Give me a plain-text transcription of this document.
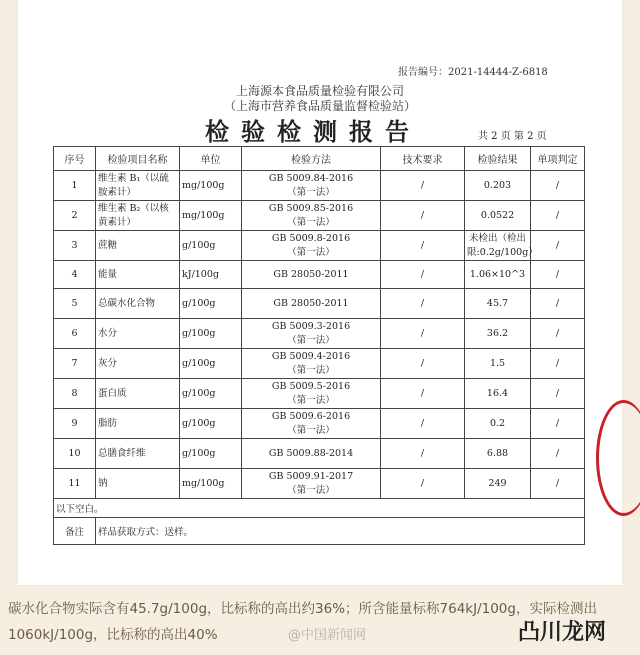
报告编号：2021-14444-Z-6818
上海源本食品质量检验有限公司
（上海市营养食品质量监督检验站）
检验检测报告	共 2 页 第 2 页
序号	检验项目名称	单位	检验方法	技术要求	检验结果	单项判定
1	维生素 B₁（以硫胺素计）	mg/100g	GB 5009.84-2016
（第一法）	/	0.203	/
2	维生素 B₂（以核黄素计）	mg/100g	GB 5009.85-2016
（第一法）	/	0.0522	/
3	蔗糖	g/100g	GB 5009.8-2016
（第一法）	/	未检出（检出限:0.2g/100g）	/
4	能量	kJ/100g	GB 28050-2011	/	1.06×10^3	/
5	总碳水化合物	g/100g	GB 28050-2011	/	45.7	/
6	水分	g/100g	GB 5009.3-2016
（第一法）	/	36.2	/
7	灰分	g/100g	GB 5009.4-2016
（第一法）	/	1.5	/
8	蛋白质	g/100g	GB 5009.5-2016
（第一法）	/	16.4	/
9	脂肪	g/100g	GB 5009.6-2016
（第一法）	/	0.2	/
10	总膳食纤维	g/100g	GB 5009.88-2014	/	6.88	/
11	钠	mg/100g	GB 5009.91-2017
（第一法）	/	249	/
以下空白。						
备注	样品获取方式：送样。					
碳水化合物实际含有45.7g/100g，比标称的高出约36%；所含能量标称764kJ/100g，实际检测出1060kJ/100g，比标称的高出40%	@中国新闻网	凸川龙网
